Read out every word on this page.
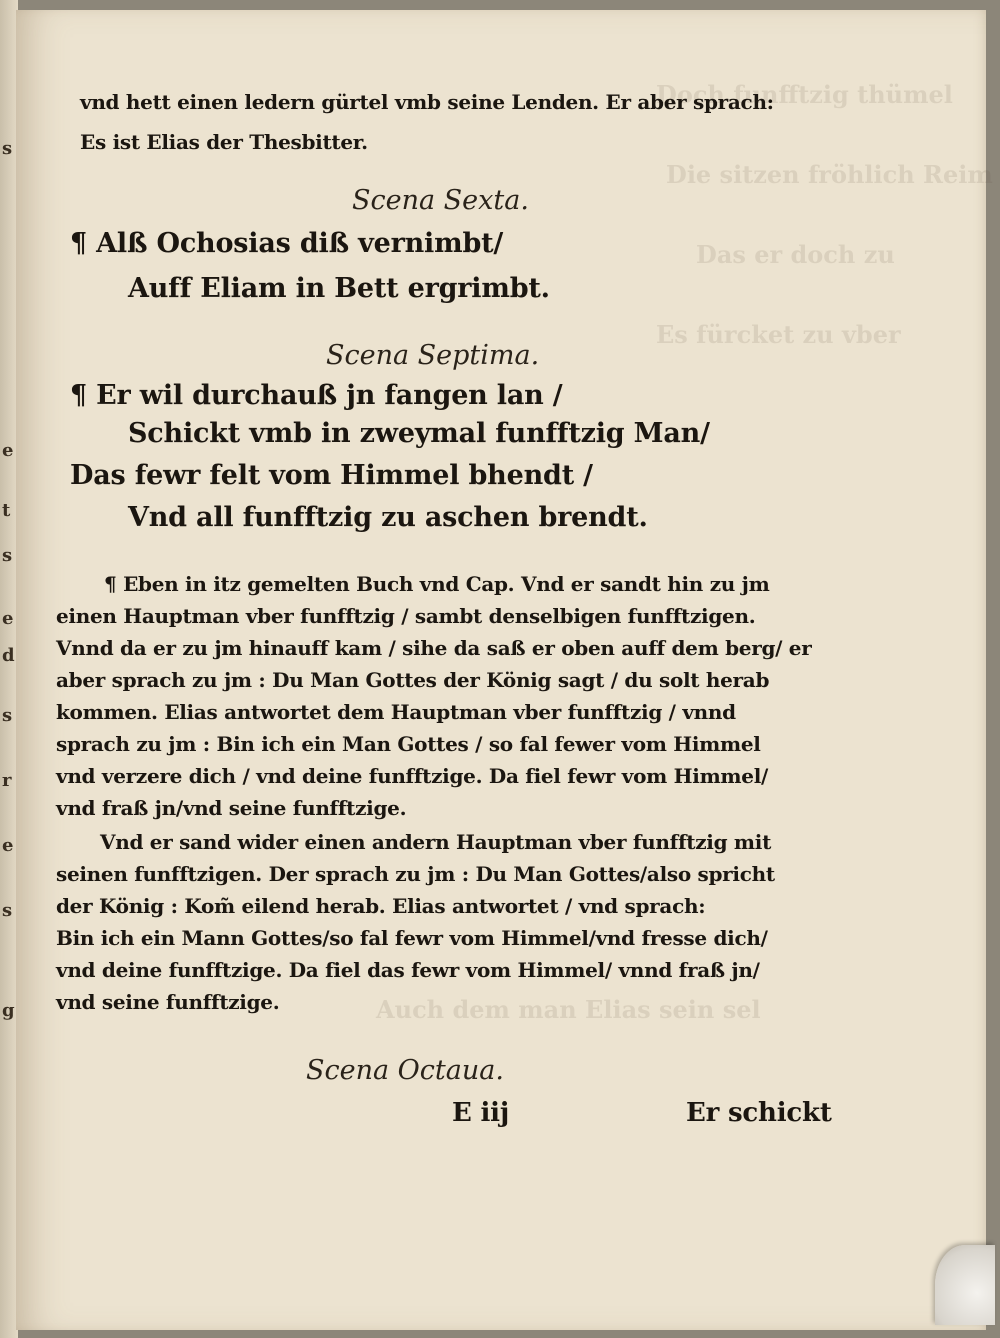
Doch funfftzig thümel
Die sitzen fröhlich Reim
Das er doch zu
Es fürcket zu vber
Auch dem man Elias sein sel
vnd hett einen ledern gürtel vmb seine Lenden. Er aber sprach:
Es ist Elias der Thesbitter.
Scena Sexta.
¶ Alß Ochosias diß vernimbt/
Auff Eliam in Bett ergrimbt.
Scena Septima.
¶ Er wil durchauß jn fangen lan /
Schickt vmb in zweymal funfftzig Man/
Das fewr felt vom Himmel bhendt /
Vnd all funfftzig zu aschen brendt.
¶ Eben in itz gemelten Buch vnd Cap. Vnd er sandt hin zu jm
einen Hauptman vber funfftzig / sambt denselbigen funfftzigen.
Vnnd da er zu jm hinauff kam / sihe da saß er oben auff dem berg/ er
aber sprach zu jm : Du Man Gottes der König sagt / du solt herab
kommen. Elias antwortet dem Hauptman vber funfftzig / vnnd
sprach zu jm : Bin ich ein Man Gottes / so fal fewer vom Himmel
vnd verzere dich / vnd deine funfftzige. Da fiel fewr vom Himmel/
vnd fraß jn/vnd seine funfftzige.
Vnd er sand wider einen andern Hauptman vber funfftzig mit
seinen funfftzigen. Der sprach zu jm : Du Man Gottes/also spricht
der König : Kom̃ eilend herab. Elias antwortet / vnd sprach:
Bin ich ein Mann Gottes/so fal fewr vom Himmel/vnd fresse dich/
vnd deine funfftzige. Da fiel das fewr vom Himmel/ vnnd fraß jn/
vnd seine funfftzige.
Scena Octaua.
E iij	Er schickt
s
e
t
s
e
d
s
r
e
s
g
